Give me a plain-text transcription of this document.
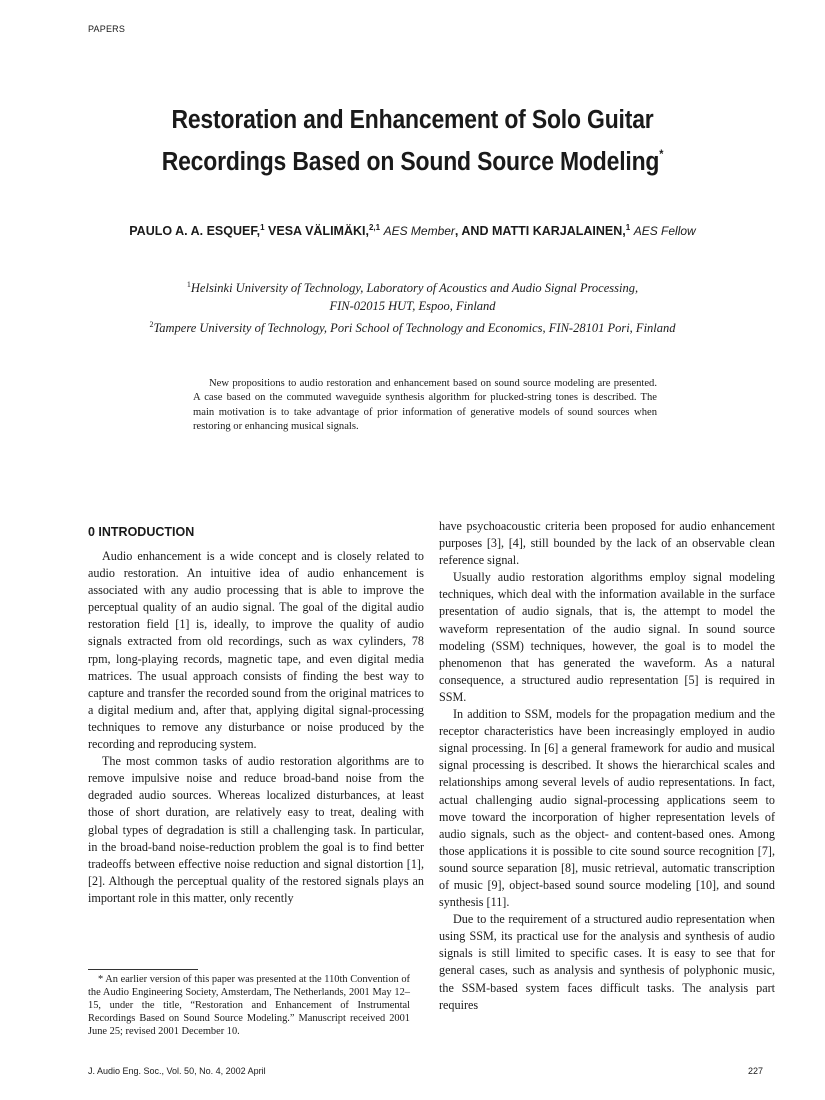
PAPERS
Restoration and Enhancement of Solo Guitar
Recordings Based on Sound Source Modeling*
PAULO A. A. ESQUEF,$^1$ VESA VÄLIMÄKI,$^{2,1}$ AES Member, AND MATTI KARJALAINEN,$^1$ AES Fellow
$^1$Helsinki University of Technology, Laboratory of Acoustics and Audio Signal Processing,
FIN-02015 HUT, Espoo, Finland
$^2$Tampere University of Technology, Pori School of Technology and Economics, FIN-28101 Pori, Finland

New propositions to audio restoration and enhancement based on sound source modeling are presented. A case based on the commuted waveguide synthesis algorithm for plucked-string tones is described. The main motivation is to take advantage of prior information of generative models of sound sources when restoring or enhancing musical signals.

0 INTRODUCTION

Audio enhancement is a wide concept and is closely related to audio restoration. An intuitive idea of audio enhancement is associated with any audio processing that is able to improve the perceptual quality of an audio signal. The goal of the digital audio restoration field [1] is, ideally, to improve the quality of audio signals extracted from old recordings, such as wax cylinders, 78 rpm, long-playing records, magnetic tape, and even digital media matrices. The usual approach consists of finding the best way to capture and transfer the recorded sound from the original matrices to a digital medium and, after that, applying digital signal-processing techniques to remove any disturbance or noise produced by the recording and reproducing system.

The most common tasks of audio restoration algorithms are to remove impulsive noise and reduce broad-band noise from the degraded audio sources. Whereas localized disturbances, at least those of short duration, are relatively easy to treat, dealing with global types of degradation is still a challenging task. In particular, in the broad-band noise-reduction problem the goal is to find better tradeoffs between effective noise reduction and signal distortion [1], [2]. Although the perceptual quality of the restored signals plays an important role in this matter, only recently

have psychoacoustic criteria been proposed for audio enhancement purposes [3], [4], still bounded by the lack of an observable clean reference signal.

Usually audio restoration algorithms employ signal modeling techniques, which deal with the information available in the surface presentation of audio signals, that is, the attempt to model the waveform representation of the audio signal. In sound source modeling (SSM) techniques, however, the goal is to model the phenomenon that has generated the waveform. As a natural consequence, a structured audio representation [5] is required in SSM.

In addition to SSM, models for the propagation medium and the receptor characteristics have been increasingly employed in audio signal processing. In [6] a general framework for audio and musical signal processing is described. It shows the hierarchical scales and relationships among several levels of audio representations. In fact, actual challenging audio signal-processing applications seem to move toward the incorporation of higher representation levels of audio signals, such as the object- and content-based ones. Among those applications it is possible to cite sound source recognition [7], sound source separation [8], music retrieval, automatic transcription of music [9], object-based sound source modeling [10], and sound synthesis [11].

Due to the requirement of a structured audio representation when using SSM, its practical use for the analysis and synthesis of audio signals is still limited to specific cases. It is easy to see that for general cases, such as analysis and synthesis of polyphonic music, the SSM-based system faces difficult tasks. The analysis part requires

* An earlier version of this paper was presented at the 110th Convention of the Audio Engineering Society, Amsterdam, The Netherlands, 2001 May 12–15, under the title, “Restoration and Enhancement of Instrumental Recordings Based on Sound Source Modeling.” Manuscript received 2001 June 25; revised 2001 December 10.

J. Audio Eng. Soc., Vol. 50, No. 4, 2002 April	227
